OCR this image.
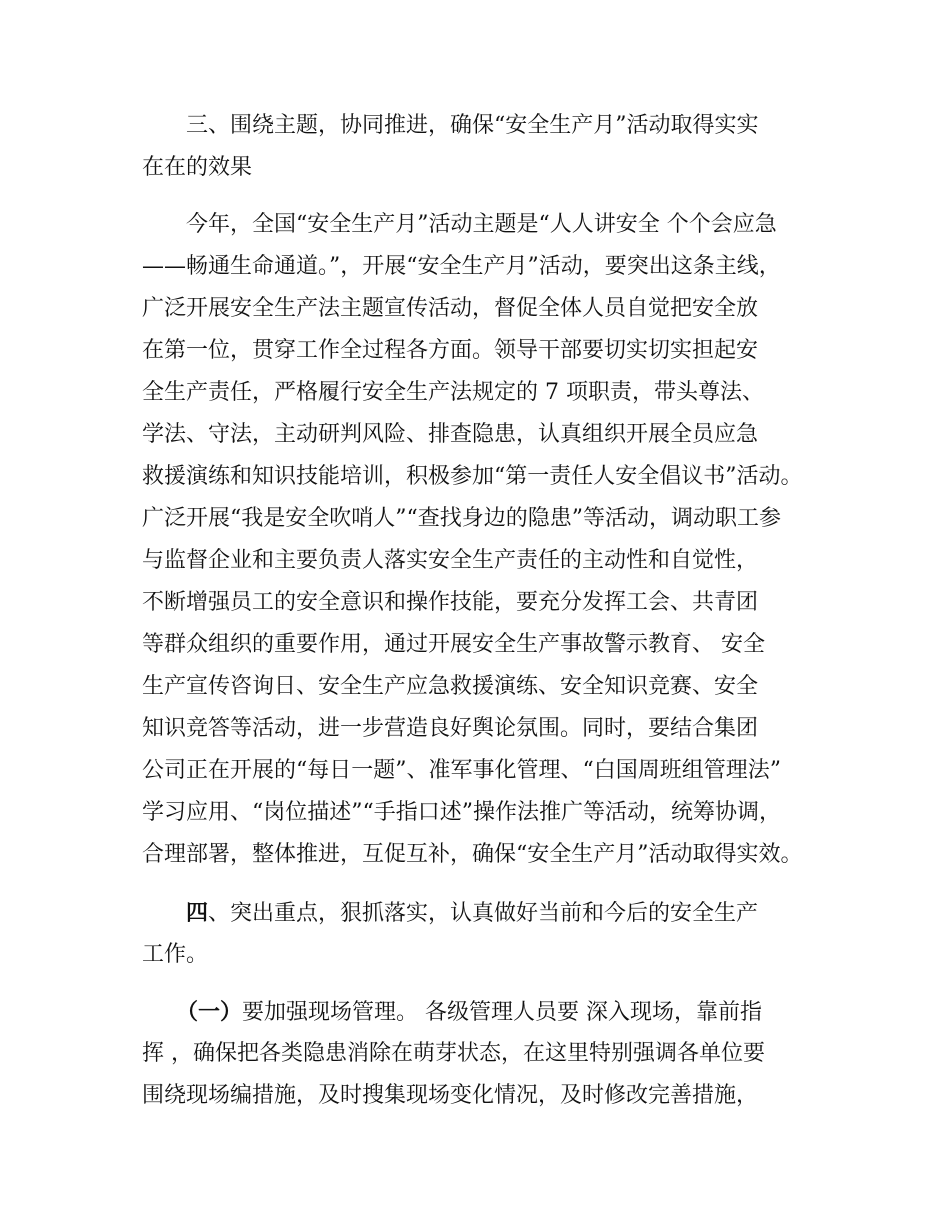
三、围绕主题，协同推进，确保“安全生产月”活动取得实实

在在的效果

今年，全国“安全生产月”活动主题是“人人讲安全 个个会应急

——畅通生命通道。”，开展“安全生产月”活动，要突出这条主线，

广泛开展安全生产法主题宣传活动，督促全体人员自觉把安全放

在第一位，贯穿工作全过程各方面。领导干部要切实切实担起安

全生产责任，严格履行安全生产法规定的 7 项职责，带头尊法、

学法、守法，主动研判风险、排查隐患，认真组织开展全员应急

救援演练和知识技能培训，积极参加“第一责任人安全倡议书”活动。

广泛开展“我是安全吹哨人”“查找身边的隐患”等活动，调动职工参

与监督企业和主要负责人落实安全生产责任的主动性和自觉性，

不断增强员工的安全意识和操作技能，要充分发挥工会、共青团

等群众组织的重要作用，通过开展安全生产事故警示教育、 安全

生产宣传咨询日、安全生产应急救援演练、安全知识竞赛、安全

知识竞答等活动，进一步营造良好舆论氛围。同时，要结合集团

公司正在开展的“每日一题”、准军事化管理、“白国周班组管理法”

学习应用、“岗位描述”“手指口述”操作法推广等活动，统筹协调，

合理部署，整体推进，互促互补，确保“安全生产月”活动取得实效。

四、突出重点，狠抓落实，认真做好当前和今后的安全生产

工作。

（一）要加强现场管理。 各级管理人员要 深入现场，靠前指

挥 ，确保把各类隐患消除在萌芽状态，在这里特别强调各单位要

围绕现场编措施，及时搜集现场变化情况，及时修改完善措施，
